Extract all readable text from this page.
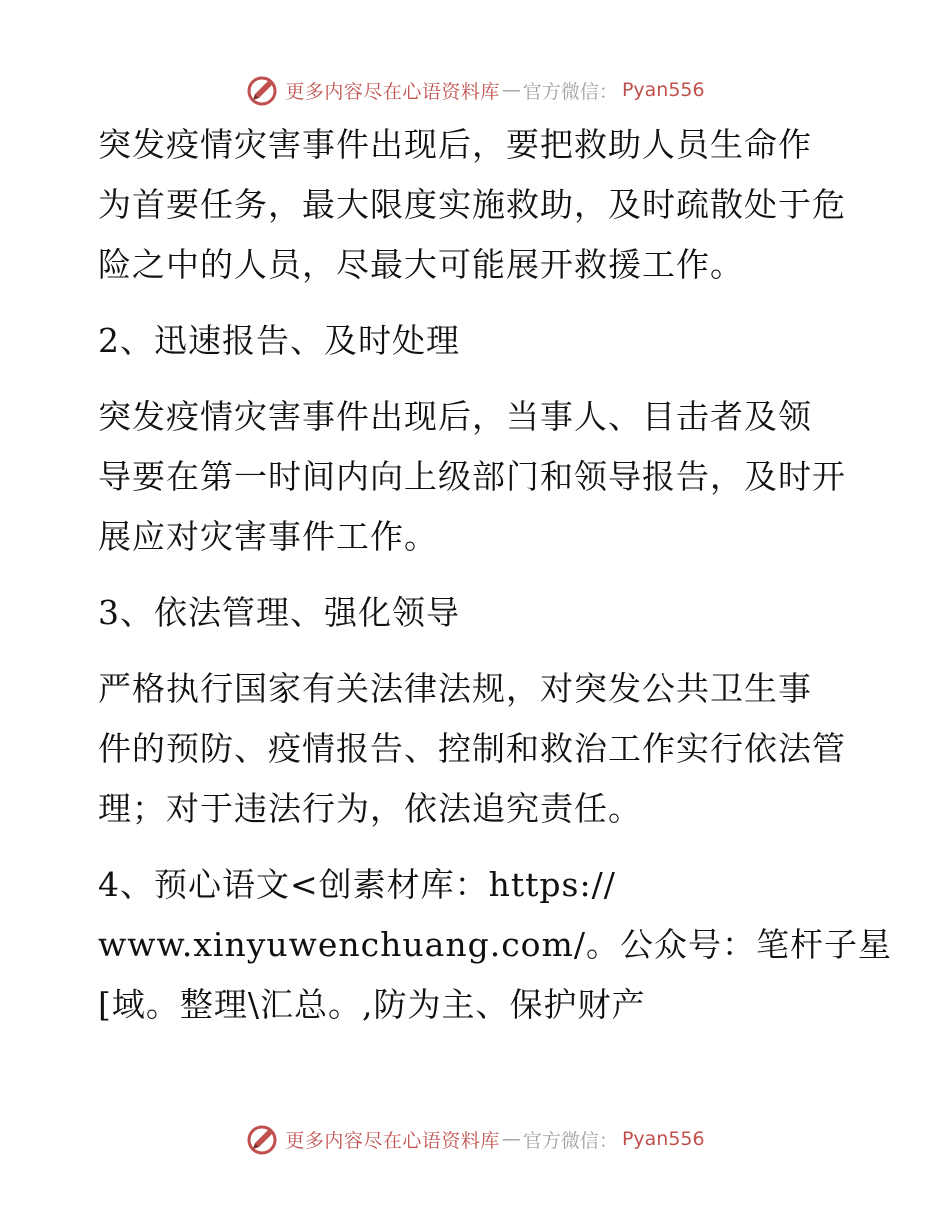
更多内容尽在心语资料库 — 官方微信： Pyan556
突发疫情灾害事件出现后，要把救助人员生命作
为首要任务，最大限度实施救助，及时疏散处于危
险之中的人员，尽最大可能展开救援工作。
2、迅速报告、及时处理
突发疫情灾害事件出现后，当事人、目击者及领
导要在第一时间内向上级部门和领导报告，及时开
展应对灾害事件工作。
3、依法管理、强化领导
严格执行国家有关法律法规，对突发公共卫生事
件的预防、疫情报告、控制和救治工作实行依法管
理；对于违法行为，依法追究责任。
4、预心语文<创素材库：https://
www.xinyuwenchuang.com/。公众号：笔杆子星
[域。整理\汇总。,防为主、保护财产
更多内容尽在心语资料库 — 官方微信： Pyan556
